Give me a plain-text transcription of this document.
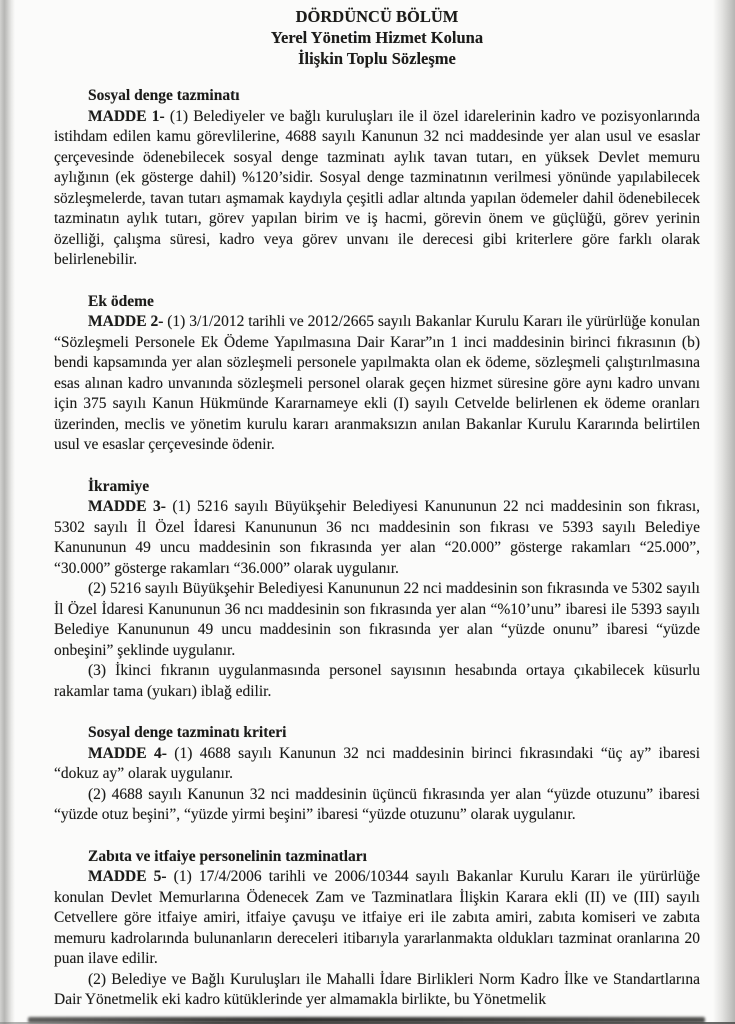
DÖRDÜNCÜ BÖLÜM
Yerel Yönetim Hizmet Koluna
İlişkin Toplu Sözleşme
Sosyal denge tazminatı

MADDE 1- (1) Belediyeler ve bağlı kuruluşları ile il özel idarelerinin kadro ve pozisyonlarında istihdam edilen kamu görevlilerine, 4688 sayılı Kanunun 32 nci maddesinde yer alan usul ve esaslar çerçevesinde ödenebilecek sosyal denge tazminatı aylık tavan tutarı, en yüksek Devlet memuru aylığının (ek gösterge dahil) %120’sidir. Sosyal denge tazminatının verilmesi yönünde yapılabilecek sözleşmelerde, tavan tutarı aşmamak kaydıyla çeşitli adlar altında yapılan ödemeler dahil ödenebilecek tazminatın aylık tutarı, görev yapılan birim ve iş hacmi, görevin önem ve güçlüğü, görev yerinin özelliği, çalışma süresi, kadro veya görev unvanı ile derecesi gibi kriterlere göre farklı olarak belirlenebilir.

Ek ödeme

MADDE 2- (1) 3/1/2012 tarihli ve 2012/2665 sayılı Bakanlar Kurulu Kararı ile yürürlüğe konulan “Sözleşmeli Personele Ek Ödeme Yapılmasına Dair Karar”ın 1 inci maddesinin birinci fıkrasının (b) bendi kapsamında yer alan sözleşmeli personele yapılmakta olan ek ödeme, sözleşmeli çalıştırılmasına esas alınan kadro unvanında sözleşmeli personel olarak geçen hizmet süresine göre aynı kadro unvanı için 375 sayılı Kanun Hükmünde Kararnameye ekli (I) sayılı Cetvelde belirlenen ek ödeme oranları üzerinden, meclis ve yönetim kurulu kararı aranmaksızın anılan Bakanlar Kurulu Kararında belirtilen usul ve esaslar çerçevesinde ödenir.

İkramiye

MADDE 3- (1) 5216 sayılı Büyükşehir Belediyesi Kanununun 22 nci maddesinin son fıkrası, 5302 sayılı İl Özel İdaresi Kanununun 36 ncı maddesinin son fıkrası ve 5393 sayılı Belediye Kanununun 49 uncu maddesinin son fıkrasında yer alan “20.000” gösterge rakamları “25.000”, “30.000” gösterge rakamları “36.000” olarak uygulanır.

(2) 5216 sayılı Büyükşehir Belediyesi Kanununun 22 nci maddesinin son fıkrasında ve 5302 sayılı İl Özel İdaresi Kanununun 36 ncı maddesinin son fıkrasında yer alan “%10’unu” ibaresi ile 5393 sayılı Belediye Kanununun 49 uncu maddesinin son fıkrasında yer alan “yüzde onunu” ibaresi “yüzde onbeşini” şeklinde uygulanır.

(3) İkinci fıkranın uygulanmasında personel sayısının hesabında ortaya çıkabilecek küsurlu rakamlar tama (yukarı) iblağ edilir.

Sosyal denge tazminatı kriteri

MADDE 4- (1) 4688 sayılı Kanunun 32 nci maddesinin birinci fıkrasındaki “üç ay” ibaresi “dokuz ay” olarak uygulanır.

(2) 4688 sayılı Kanunun 32 nci maddesinin üçüncü fıkrasında yer alan “yüzde otuzunu” ibaresi “yüzde otuz beşini”, “yüzde yirmi beşini” ibaresi “yüzde otuzunu” olarak uygulanır.

Zabıta ve itfaiye personelinin tazminatları

MADDE 5- (1) 17/4/2006 tarihli ve 2006/10344 sayılı Bakanlar Kurulu Kararı ile yürürlüğe konulan Devlet Memurlarına Ödenecek Zam ve Tazminatlara İlişkin Karara ekli (II) ve (III) sayılı Cetvellere göre itfaiye amiri, itfaiye çavuşu ve itfaiye eri ile zabıta amiri, zabıta komiseri ve zabıta memuru kadrolarında bulunanların dereceleri itibarıyla yararlanmakta oldukları tazminat oranlarına 20 puan ilave edilir.

(2) Belediye ve Bağlı Kuruluşları ile Mahalli İdare Birlikleri Norm Kadro İlke ve Standartlarına Dair Yönetmelik eki kadro kütüklerinde yer almamakla birlikte, bu Yönetmelik
